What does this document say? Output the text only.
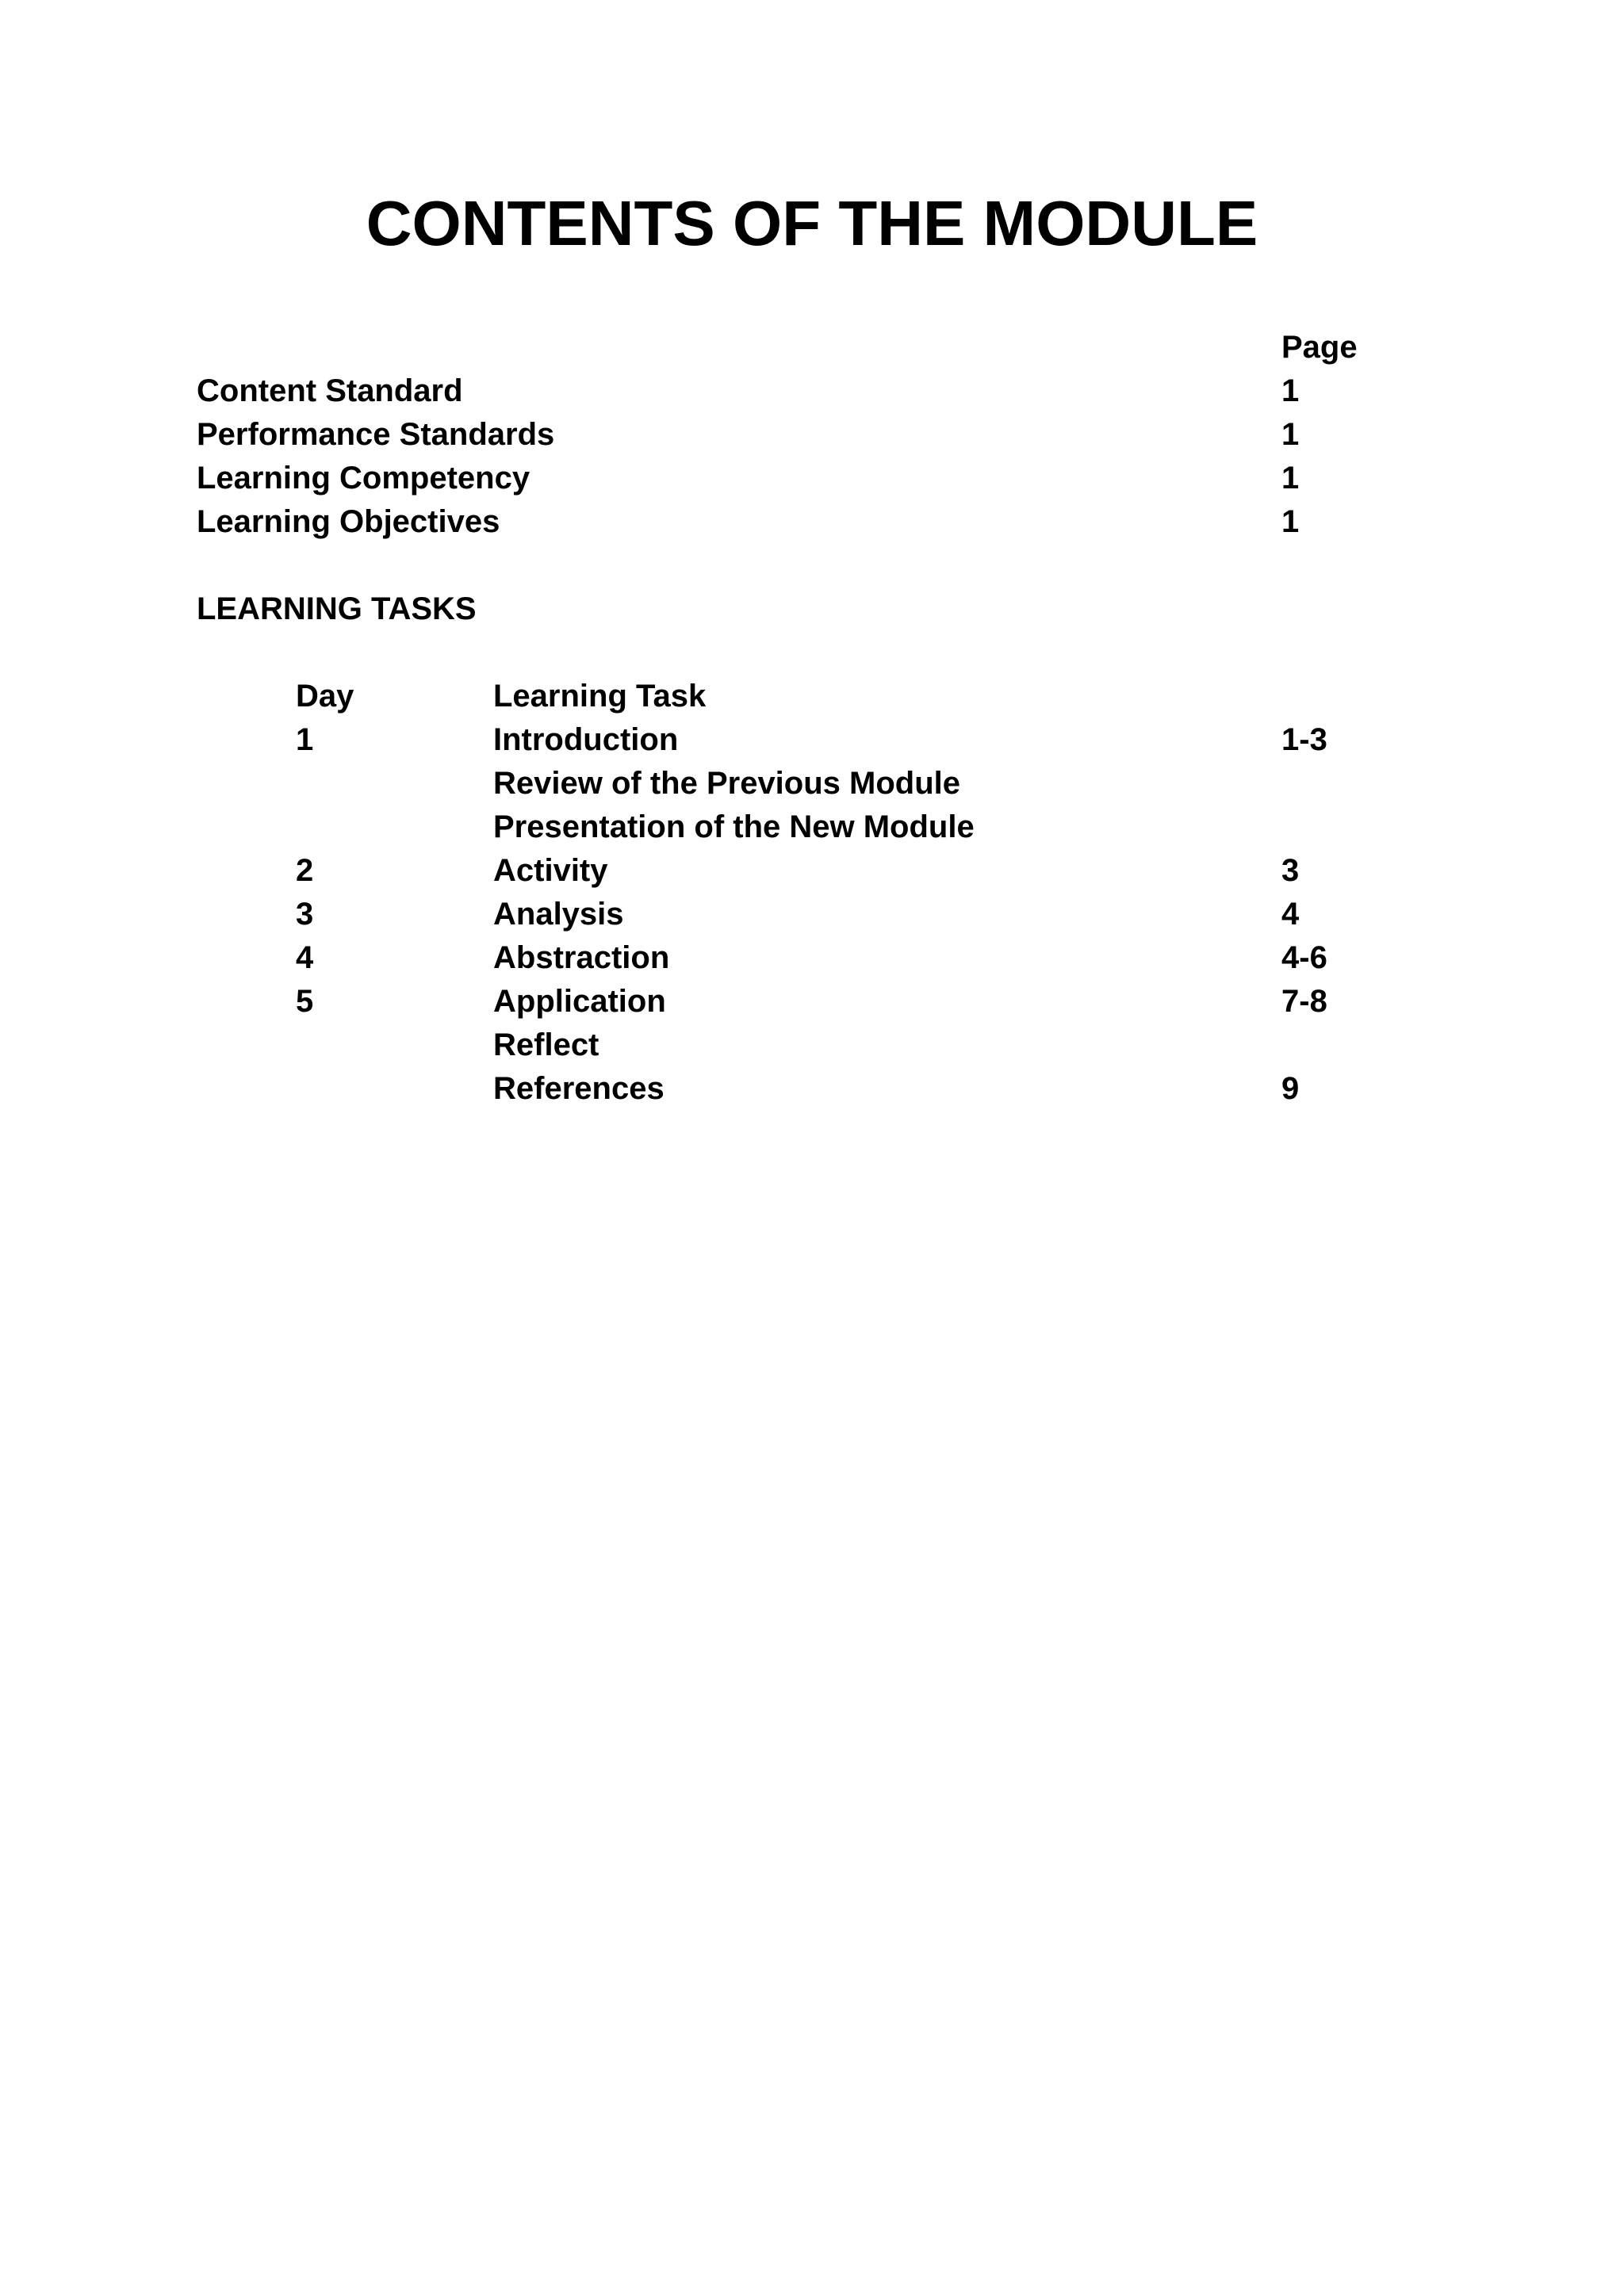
CONTENTS OF THE MODULE
Page
Content Standard	1
Performance Standards	1
Learning Competency	1
Learning Objectives	1
LEARNING TASKS
Day	Learning Task
1	Introduction	1-3
Review of the Previous Module
Presentation of the New Module
2	Activity	3
3	Analysis	4
4	Abstraction	4-6
5	Application	7-8
Reflect
References	9
